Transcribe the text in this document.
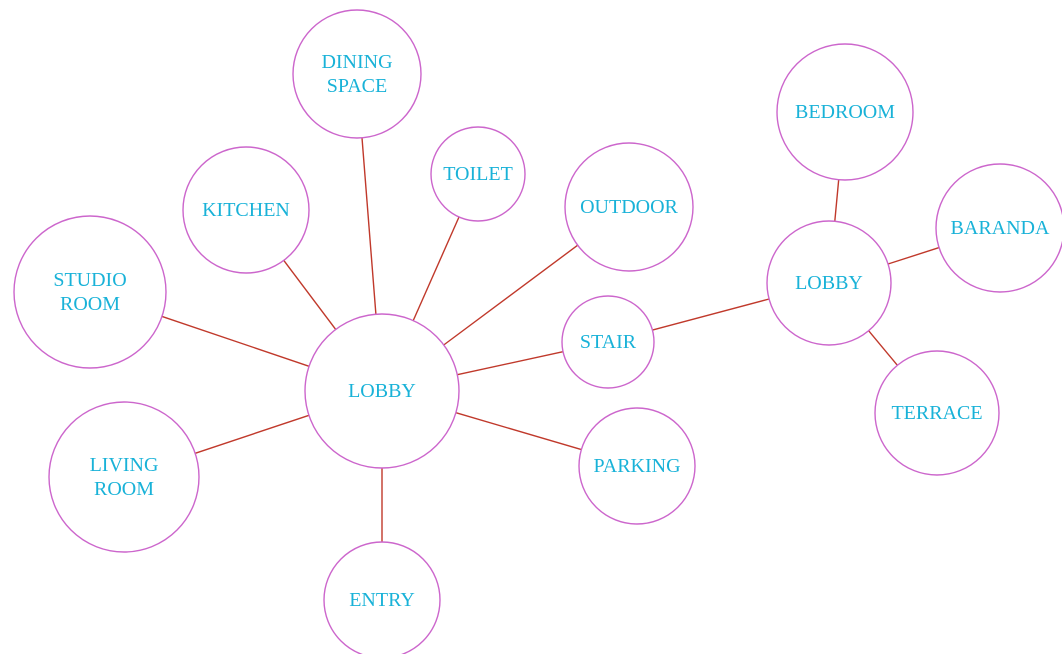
DINING
SPACE
KITCHEN
TOILET
OUTDOOR
STUDIO
ROOM
LOBBY
STAIR
LIVING
ROOM
PARKING
ENTRY
BEDROOM
LOBBY
BARANDA
TERRACE
